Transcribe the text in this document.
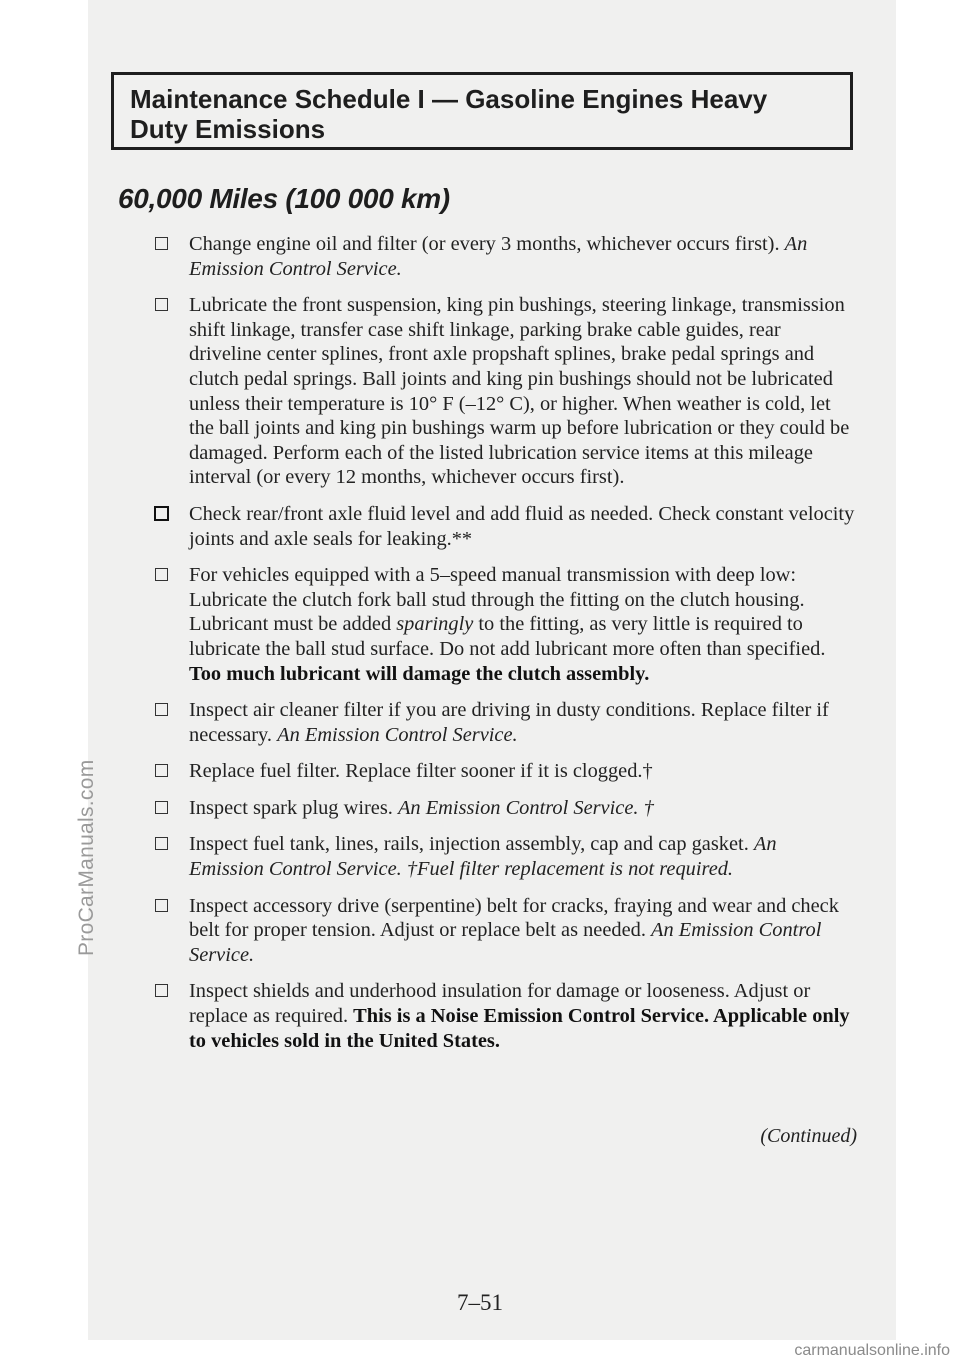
ProCarManuals.com
Maintenance Schedule I — Gasoline Engines Heavy
Duty Emissions
60,000 Miles (100 000 km)
Change engine oil and filter (or every 3 months, whichever occurs first). An Emission Control Service.
Lubricate the front suspension, king pin bushings, steering linkage, transmission shift linkage, transfer case shift linkage, parking brake cable guides, rear driveline center splines, front axle propshaft splines, brake pedal springs and clutch pedal springs. Ball joints and king pin bushings should not be lubricated unless their temperature is 10° F (–12° C), or higher. When weather is cold, let the ball joints and king pin bushings warm up before lubrication or they could be damaged. Perform each of the listed lubrication service items at this mileage interval (or every 12 months, whichever occurs first).
Check rear/front axle fluid level and add fluid as needed. Check constant velocity joints and axle seals for leaking.**
For vehicles equipped with a 5–speed manual transmission with deep low: Lubricate the clutch fork ball stud through the fitting on the clutch housing. Lubricant must be added sparingly to the fitting, as very little is required to lubricate the ball stud surface. Do not add lubricant more often than specified. Too much lubricant will damage the clutch assembly.
Inspect air cleaner filter if you are driving in dusty conditions. Replace filter if necessary. An Emission Control Service.
Replace fuel filter. Replace filter sooner if it is clogged.†
Inspect spark plug wires. An Emission Control Service. †
Inspect fuel tank, lines, rails, injection assembly, cap and cap gasket. An Emission Control Service. †Fuel filter replacement is not required.
Inspect accessory drive (serpentine) belt for cracks, fraying and wear and check belt for proper tension. Adjust or replace belt as needed. An Emission Control Service.
Inspect shields and underhood insulation for damage or looseness. Adjust or replace as required. This is a Noise Emission Control Service. Applicable only to vehicles sold in the United States.
(Continued)
7–51
carmanualsonline.info
